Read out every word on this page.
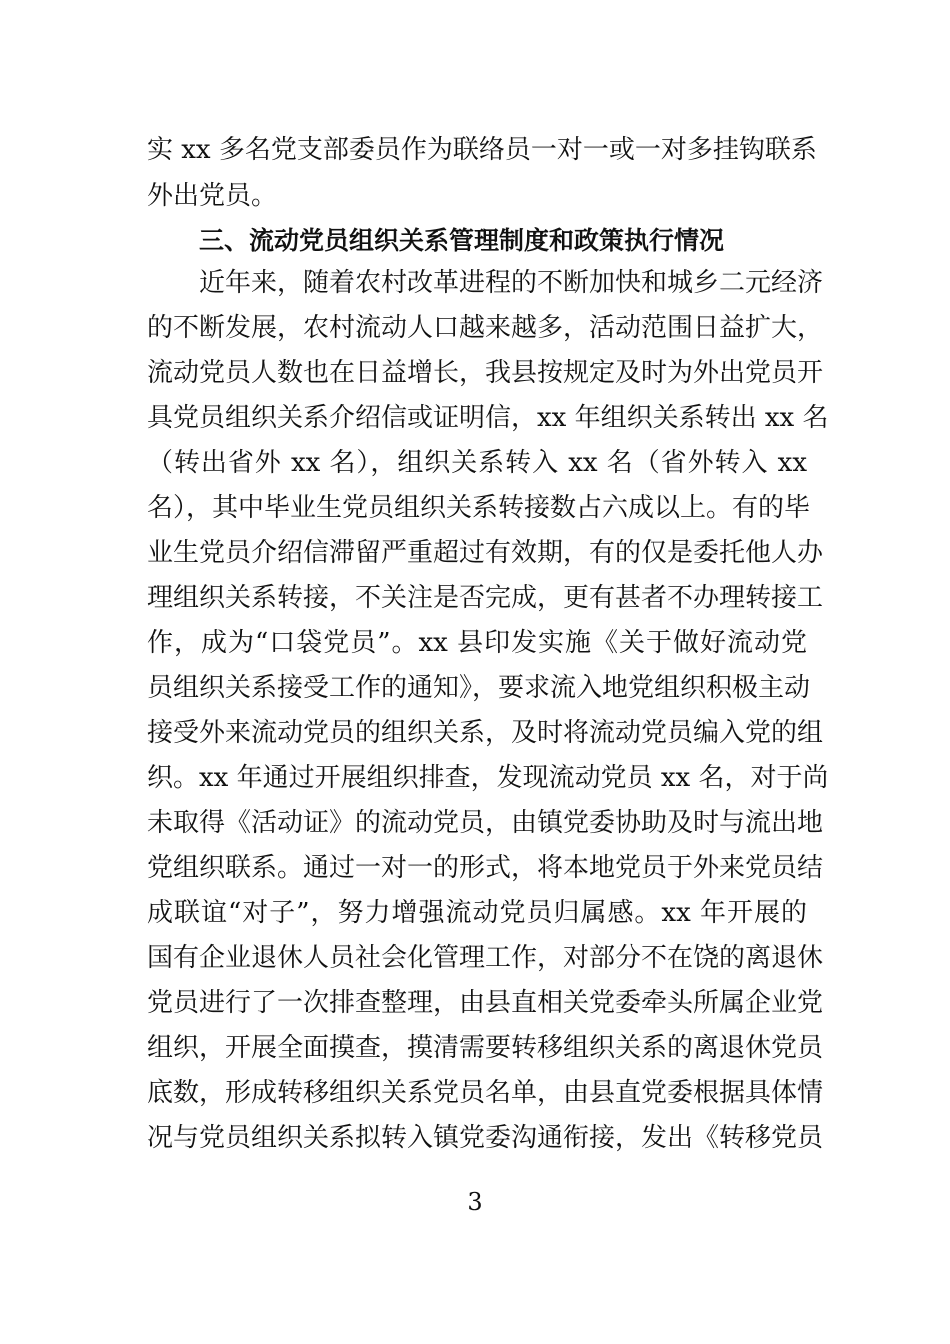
实 xx 多名党支部委员作为联络员一对一或一对多挂钩联系
外出党员。
三、流动党员组织关系管理制度和政策执行情况
近年来，随着农村改革进程的不断加快和城乡二元经济
的不断发展，农村流动人口越来越多，活动范围日益扩大，
流动党员人数也在日益增长，我县按规定及时为外出党员开
具党员组织关系介绍信或证明信，xx 年组织关系转出 xx 名
（转出省外 xx 名），组织关系转入 xx 名（省外转入 xx
名），其中毕业生党员组织关系转接数占六成以上。有的毕
业生党员介绍信滞留严重超过有效期，有的仅是委托他人办
理组织关系转接，不关注是否完成，更有甚者不办理转接工
作，成为“口袋党员”。xx 县印发实施《关于做好流动党
员组织关系接受工作的通知》，要求流入地党组织积极主动
接受外来流动党员的组织关系，及时将流动党员编入党的组
织。xx 年通过开展组织排查，发现流动党员 xx 名，对于尚
未取得《活动证》的流动党员，由镇党委协助及时与流出地
党组织联系。通过一对一的形式，将本地党员于外来党员结
成联谊“对子”，努力增强流动党员归属感。xx 年开展的
国有企业退休人员社会化管理工作，对部分不在饶的离退休
党员进行了一次排查整理，由县直相关党委牵头所属企业党
组织，开展全面摸查，摸清需要转移组织关系的离退休党员
底数，形成转移组织关系党员名单，由县直党委根据具体情
况与党员组织关系拟转入镇党委沟通衔接，发出《转移党员
3
